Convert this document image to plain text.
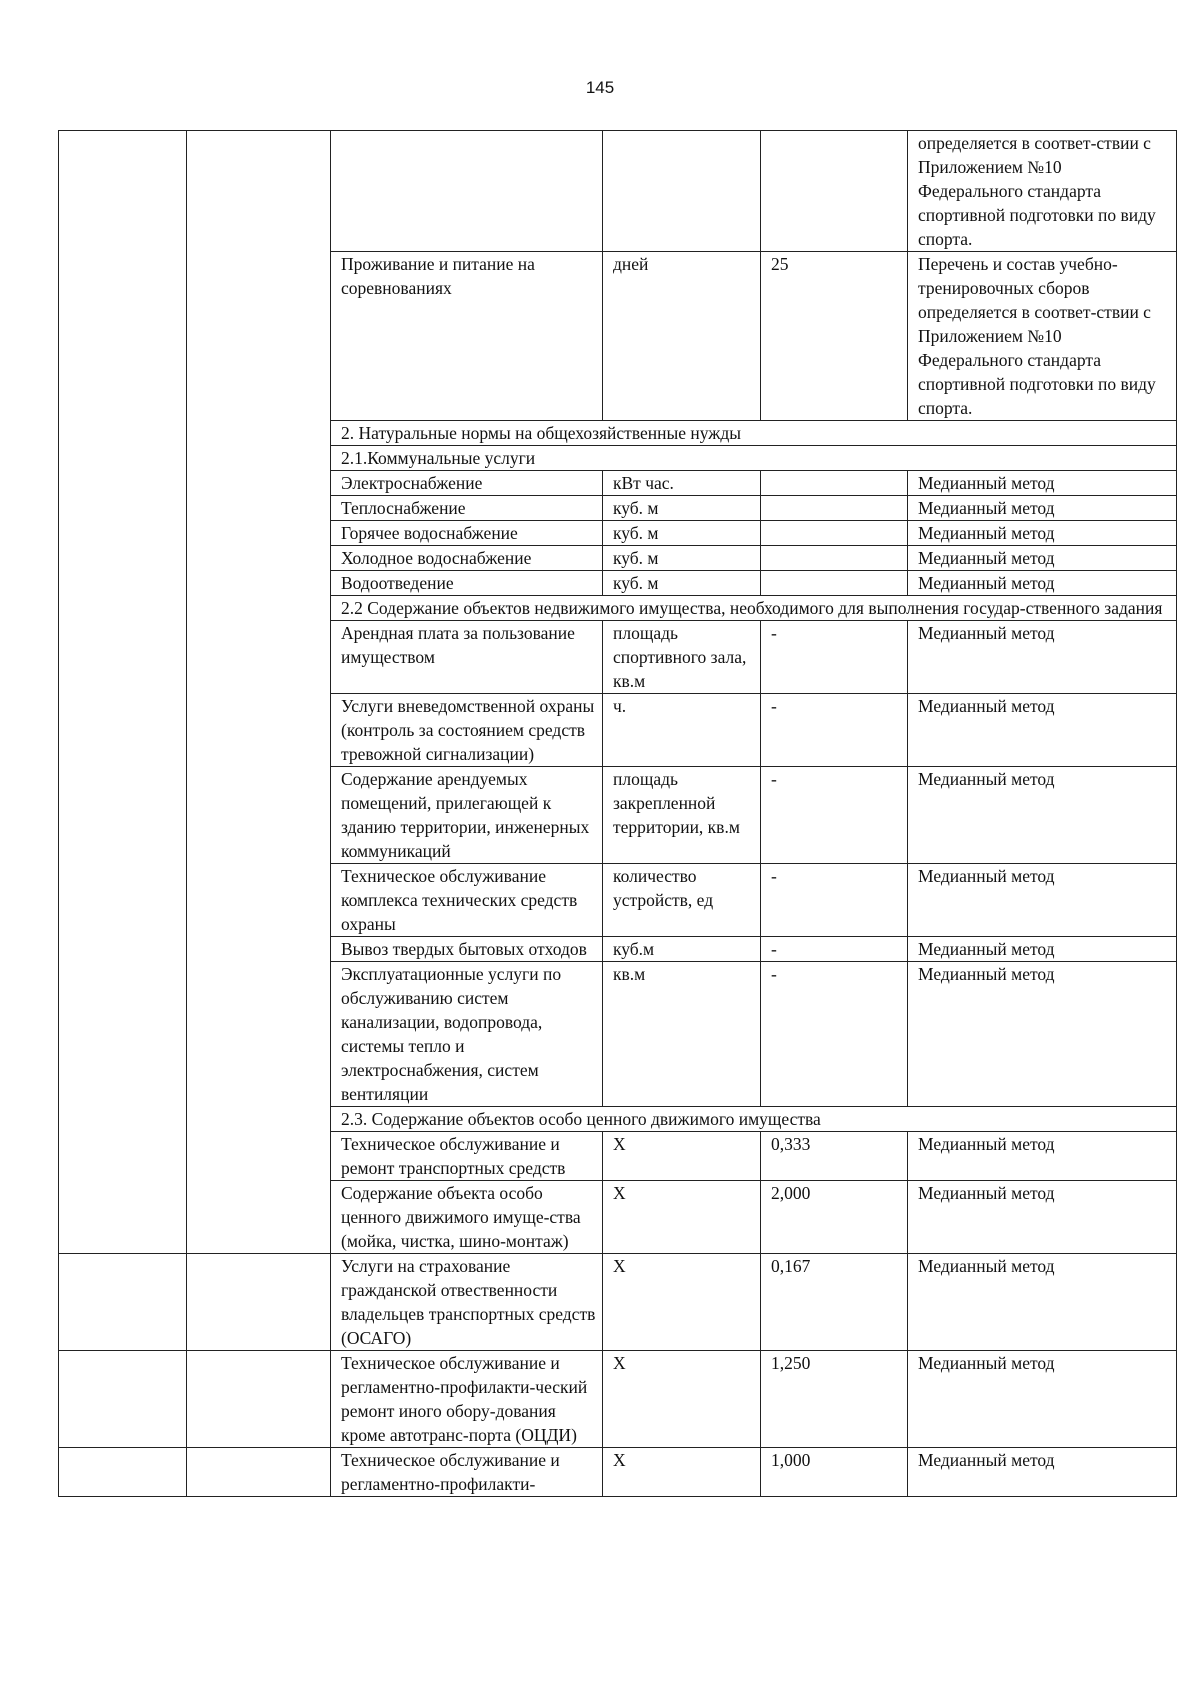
145
					определяется в соответ-ствии с Приложением №10 Федерального стандарта спортивной подготовки по виду спорта.
		Проживание и питание на соревнованиях	дней	25	Перечень и состав учебно-тренировочных сборов определяется в соответ-ствии с Приложением №10 Федерального стандарта спортивной подготовки по виду спорта.
		2. Натуральные нормы на общехозяйственные нужды			
		2.1.Коммунальные услуги			
		Электроснабжение	кВт час.		Медианный метод
		Теплоснабжение	куб. м		Медианный метод
		Горячее водоснабжение	куб. м		Медианный метод
		Холодное водоснабжение	куб. м		Медианный метод
		Водоотведение	куб. м		Медианный метод
		2.2 Содержание объектов недвижимого имущества, необходимого для выполнения государ-ственного задания			
		Арендная плата за пользование имуществом	площадь спортивного зала, кв.м	-	Медианный метод
		Услуги вневедомственной охраны (контроль за состоянием средств тревожной сигнализации)	ч.	-	Медианный метод
		Содержание арендуемых помещений, прилегающей к зданию территории, инженерных коммуникаций	площадь закрепленной территории, кв.м	-	Медианный метод
		Техническое обслуживание комплекса технических средств охраны	количество устройств, ед	-	Медианный метод
		Вывоз твердых бытовых отходов	куб.м	-	Медианный метод
		Эксплуатационные услуги по обслуживанию систем канализации, водопровода, системы тепло и электроснабжения, систем вентиляции	кв.м	-	Медианный метод
		2.3. Содержание объектов особо ценного движимого имущества			
		Техническое обслуживание и ремонт транспортных средств	X	0,333	Медианный метод
		Содержание объекта особо ценного движимого имуще-ства (мойка, чистка, шино-монтаж)	X	2,000	Медианный метод
		Услуги на страхование гражданской отвественности владельцев транспортных средств (ОСАГО)	X	0,167	Медианный метод
		Техническое обслуживание и регламентно-профилакти-ческий ремонт иного обору-дования кроме автотранс-порта (ОЦДИ)	X	1,250	Медианный метод
		Техническое обслуживание и регламентно-профилакти-	X	1,000	Медианный метод
